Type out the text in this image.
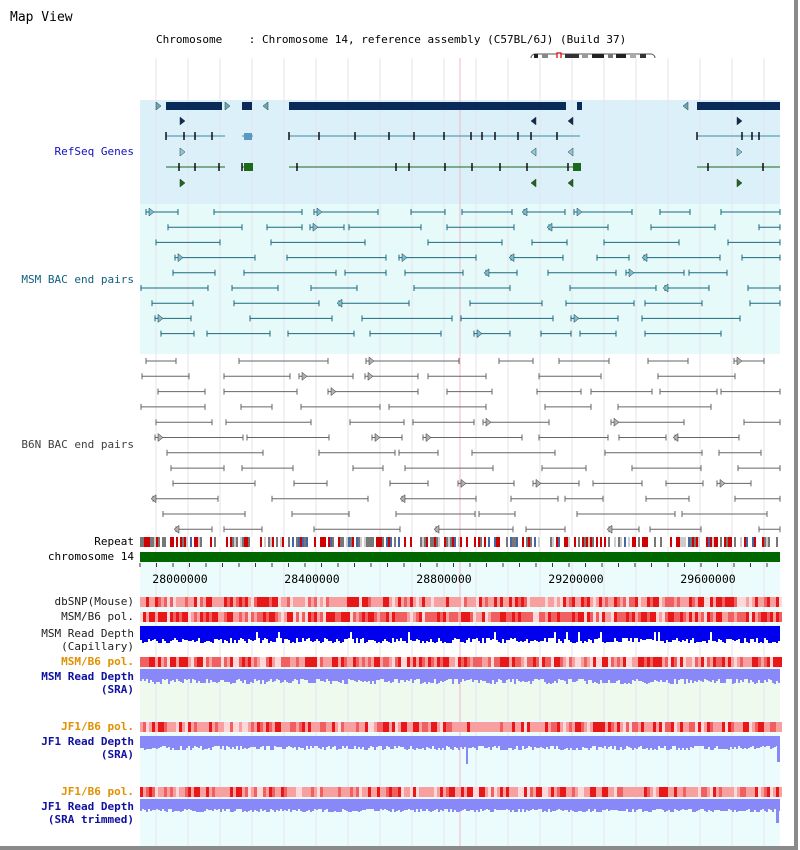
Map View

Chromosome    : Chromosome 14, reference assembly (C57BL/6J) (Build 37)

RefSeq Genes
MSM BAC end pairs
B6N BAC end pairs
Repeat
chromosome 14
dbSNP(Mouse)
MSM/B6 pol.
MSM Read Depth
(Capillary)
MSM/B6 pol.
MSM Read Depth
(SRA)
JF1/B6 pol.
JF1 Read Depth
(SRA)
JF1/B6 pol.
JF1 Read Depth
(SRA trimmed)
28000000	28400000	28800000	29200000	29600000
